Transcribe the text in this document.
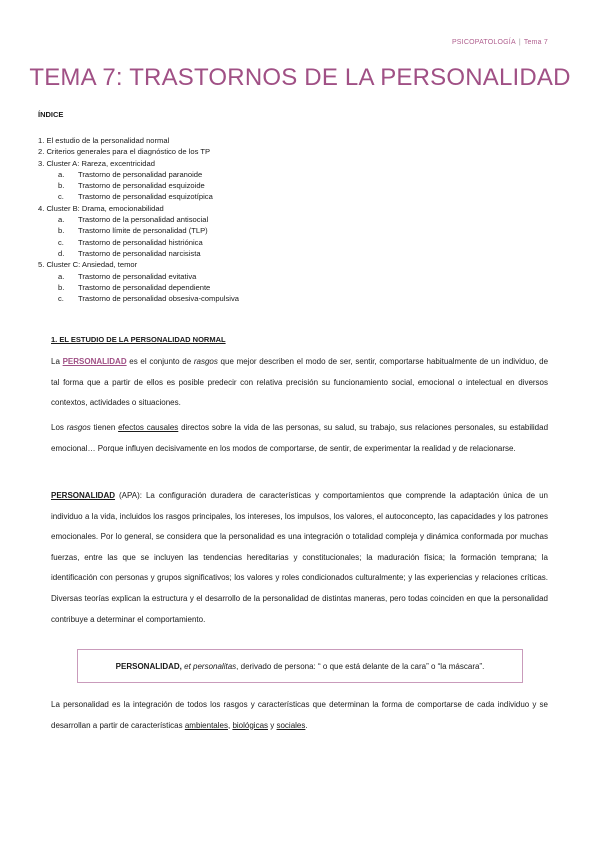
PSICOPATOLOGÍA | Tema 7
TEMA 7: TRASTORNOS DE LA PERSONALIDAD
ÍNDICE
1. El estudio de la personalidad normal
2. Criterios generales para el diagnóstico de los TP
3. Cluster A: Rareza, excentricidad
a. Trastorno de personalidad paranoide
b. Trastorno de personalidad esquizoide
c. Trastorno de personalidad esquizotípica
4. Cluster B: Drama, emocionabilidad
a. Trastorno de la personalidad antisocial
b. Trastorno límite de personalidad (TLP)
c. Trastorno de personalidad histriónica
d. Trastorno de personalidad narcisista
5. Cluster C: Ansiedad, temor
a. Trastorno de personalidad evitativa
b. Trastorno de personalidad dependiente
c. Trastorno de personalidad obsesiva-compulsiva
1. EL ESTUDIO DE LA PERSONALIDAD NORMAL
La PERSONALIDAD es el conjunto de rasgos que mejor describen el modo de ser, sentir, comportarse habitualmente de un individuo, de tal forma que a partir de ellos es posible predecir con relativa precisión su funcionamiento social, emocional o intelectual en diversos contextos, actividades o situaciones.
Los rasgos tienen efectos causales directos sobre la vida de las personas, su salud, su trabajo, sus relaciones personales, su estabilidad emocional… Porque influyen decisivamente en los modos de comportarse, de sentir, de experimentar la realidad y de relacionarse.
PERSONALIDAD (APA): La configuración duradera de características y comportamientos que comprende la adaptación única de un individuo a la vida, incluidos los rasgos principales, los intereses, los impulsos, los valores, el autoconcepto, las capacidades y los patrones emocionales. Por lo general, se considera que la personalidad es una integración o totalidad compleja y dinámica conformada por muchas fuerzas, entre las que se incluyen las tendencias hereditarias y constitucionales; la maduración física; la formación temprana; la identificación con personas y grupos significativos; los valores y roles condicionados culturalmente; y las experiencias y relaciones críticas. Diversas teorías explican la estructura y el desarrollo de la personalidad de distintas maneras, pero todas coinciden en que la personalidad contribuye a determinar el comportamiento.
PERSONALIDAD, et personalitas, derivado de persona: “ o que está delante de la cara” o “la máscara”.
La personalidad es la integración de todos los rasgos y características que determinan la forma de comportarse de cada individuo y se desarrollan a partir de características ambientales, biológicas y sociales.
